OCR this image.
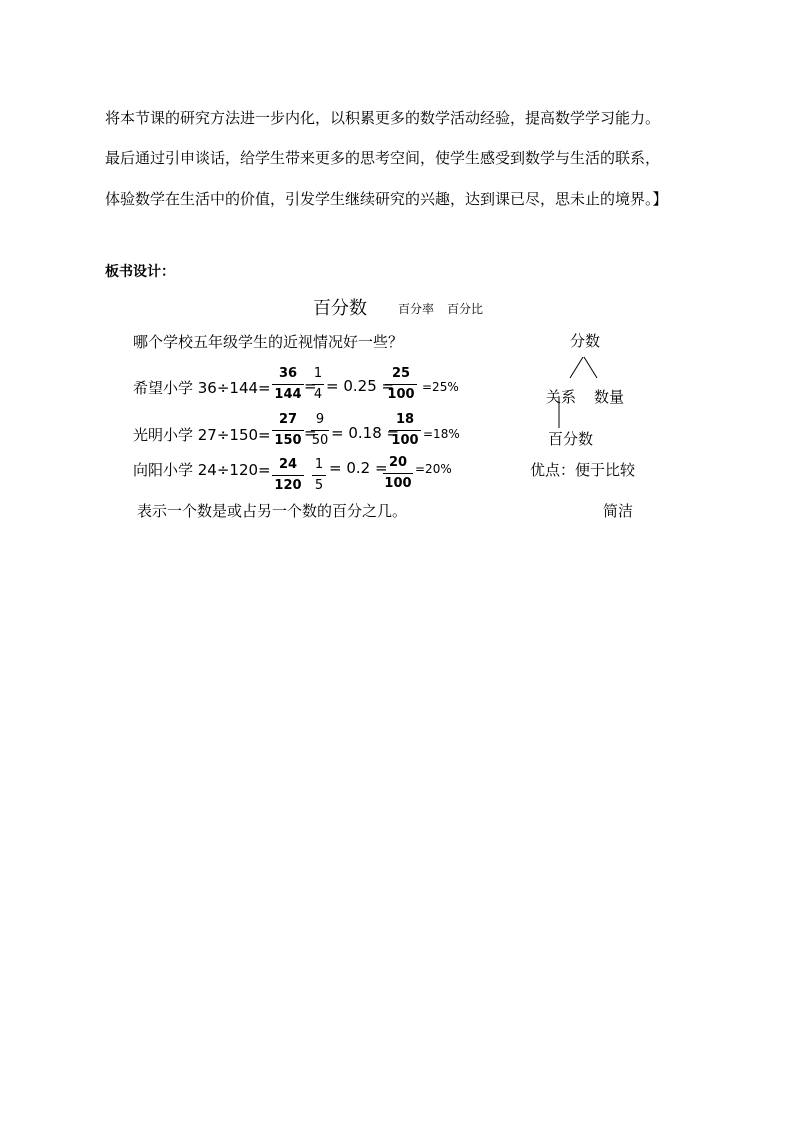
将本节课的研究方法进一步内化，以积累更多的数学活动经验，提高数学学习能力。
最后通过引申谈话，给学生带来更多的思考空间，使学生感受到数学与生活的联系，
体验数学在生活中的价值，引发学生继续研究的兴趣，达到课已尽，思未止的境界。】
板书设计：
百分数	百分率 百分比
哪个学校五年级学生的近视情况好一些？
希望小学 36÷144=
36
144 =
1
4 = 0.25 =
25
100 =25%
光明小学 27÷150=
27
150 =
9
50 = 0.18 =
18
100 =18%
向阳小学 24÷120= 24
120
1
5
= 0.2 = 20
100
=20%
表示一个数是或占另一个数的百分之几。
分数
关系 数量
百分数
优点：便于比较
简洁
